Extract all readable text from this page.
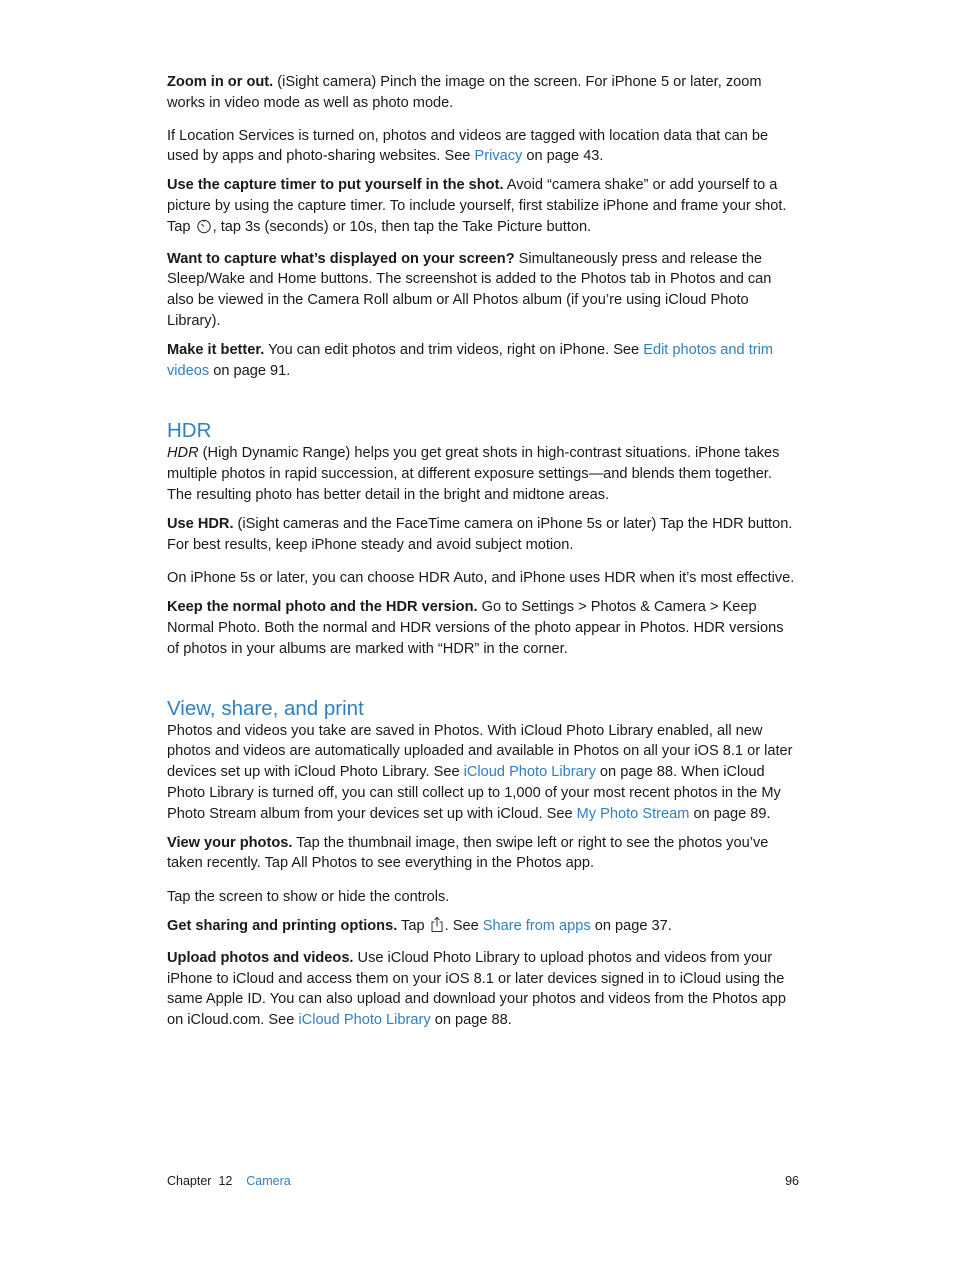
Zoom in or out. (iSight camera) Pinch the image on the screen. For iPhone 5 or later, zoom works in video mode as well as photo mode.

If Location Services is turned on, photos and videos are tagged with location data that can be used by apps and photo-sharing websites. See Privacy on page 43.

Use the capture timer to put yourself in the shot. Avoid “camera shake” or add yourself to a picture by using the capture timer. To include yourself, first stabilize iPhone and frame your shot. Tap , tap 3s (seconds) or 10s, then tap the Take Picture button.

Want to capture what’s displayed on your screen? Simultaneously press and release the Sleep/Wake and Home buttons. The screenshot is added to the Photos tab in Photos and can also be viewed in the Camera Roll album or All Photos album (if you’re using iCloud Photo Library).

Make it better. You can edit photos and trim videos, right on iPhone. See Edit photos and trim videos on page 91.

HDR

HDR (High Dynamic Range) helps you get great shots in high-contrast situations. iPhone takes multiple photos in rapid succession, at different exposure settings—and blends them together. The resulting photo has better detail in the bright and midtone areas.

Use HDR. (iSight cameras and the FaceTime camera on iPhone 5s or later) Tap the HDR button. For best results, keep iPhone steady and avoid subject motion.

On iPhone 5s or later, you can choose HDR Auto, and iPhone uses HDR when it’s most effective.

Keep the normal photo and the HDR version. Go to Settings > Photos & Camera > Keep Normal Photo. Both the normal and HDR versions of the photo appear in Photos. HDR versions of photos in your albums are marked with “HDR” in the corner.

View, share, and print

Photos and videos you take are saved in Photos. With iCloud Photo Library enabled, all new photos and videos are automatically uploaded and available in Photos on all your iOS 8.1 or later devices set up with iCloud Photo Library. See iCloud Photo Library on page 88. When iCloud Photo Library is turned off, you can still collect up to 1,000 of your most recent photos in the My Photo Stream album from your devices set up with iCloud. See My Photo Stream on page 89.

View your photos. Tap the thumbnail image, then swipe left or right to see the photos you’ve taken recently. Tap All Photos to see everything in the Photos app.

Tap the screen to show or hide the controls.

Get sharing and printing options. Tap . See Share from apps on page 37.

Upload photos and videos. Use iCloud Photo Library to upload photos and videos from your iPhone to iCloud and access them on your iOS 8.1 or later devices signed in to iCloud using the same Apple ID. You can also upload and download your photos and videos from the Photos app on iCloud.com. See iCloud Photo Library on page 88.

Chapter 12 Camera	96
